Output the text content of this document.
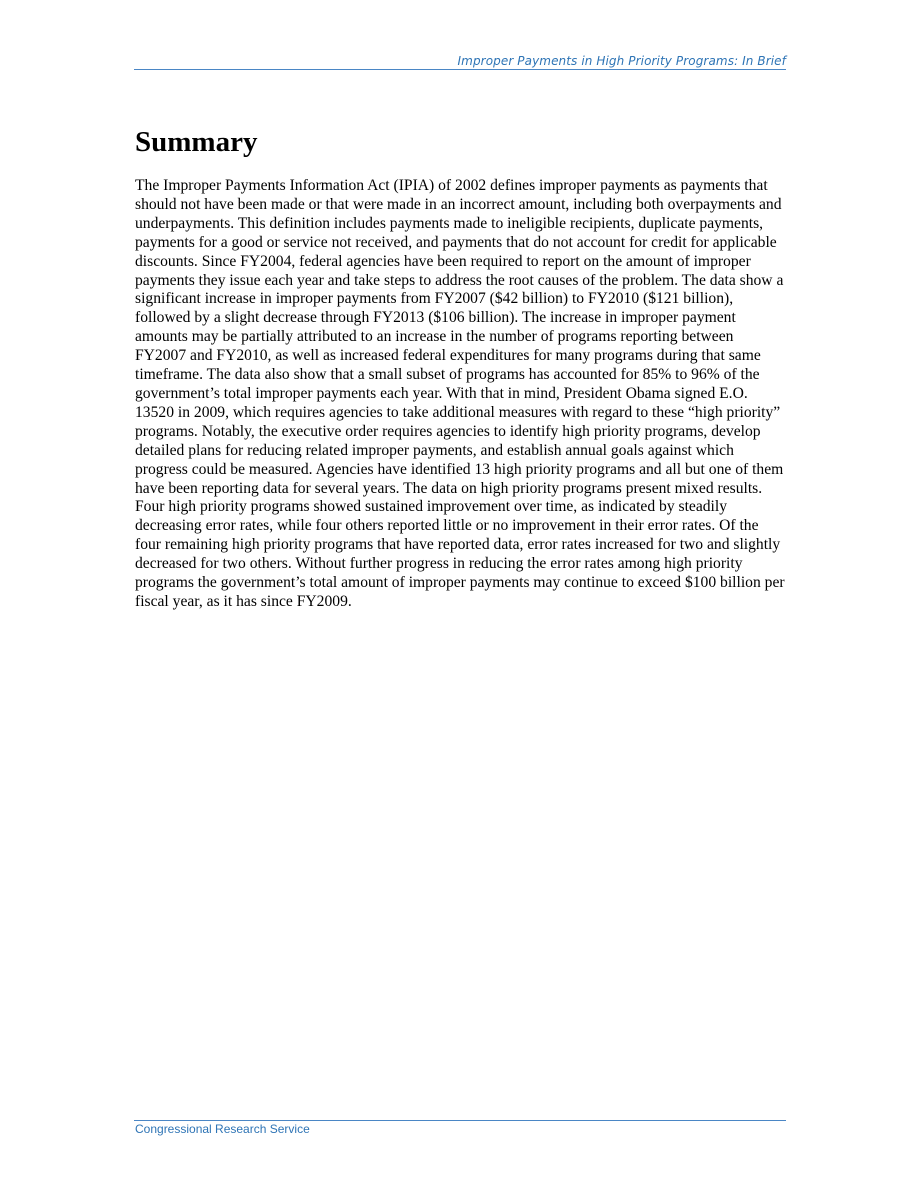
Improper Payments in High Priority Programs: In Brief
Summary

The Improper Payments Information Act (IPIA) of 2002 defines improper payments as payments that should not have been made or that were made in an incorrect amount, including both overpayments and underpayments. This definition includes payments made to ineligible recipients, duplicate payments, payments for a good or service not received, and payments that do not account for credit for applicable discounts. Since FY2004, federal agencies have been required to report on the amount of improper payments they issue each year and take steps to address the root causes of the problem. The data show a significant increase in improper payments from FY2007 ($42 billion) to FY2010 ($121 billion), followed by a slight decrease through FY2013 ($106 billion). The increase in improper payment amounts may be partially attributed to an increase in the number of programs reporting between FY2007 and FY2010, as well as increased federal expenditures for many programs during that same timeframe. The data also show that a small subset of programs has accounted for 85% to 96% of the government’s total improper payments each year. With that in mind, President Obama signed E.O. 13520 in 2009, which requires agencies to take additional measures with regard to these “high priority” programs. Notably, the executive order requires agencies to identify high priority programs, develop detailed plans for reducing related improper payments, and establish annual goals against which progress could be measured. Agencies have identified 13 high priority programs and all but one of them have been reporting data for several years. The data on high priority programs present mixed results. Four high priority programs showed sustained improvement over time, as indicated by steadily decreasing error rates, while four others reported little or no improvement in their error rates. Of the four remaining high priority programs that have reported data, error rates increased for two and slightly decreased for two others. Without further progress in reducing the error rates among high priority programs the government’s total amount of improper payments may continue to exceed $100 billion per fiscal year, as it has since FY2009.

Congressional Research Service
